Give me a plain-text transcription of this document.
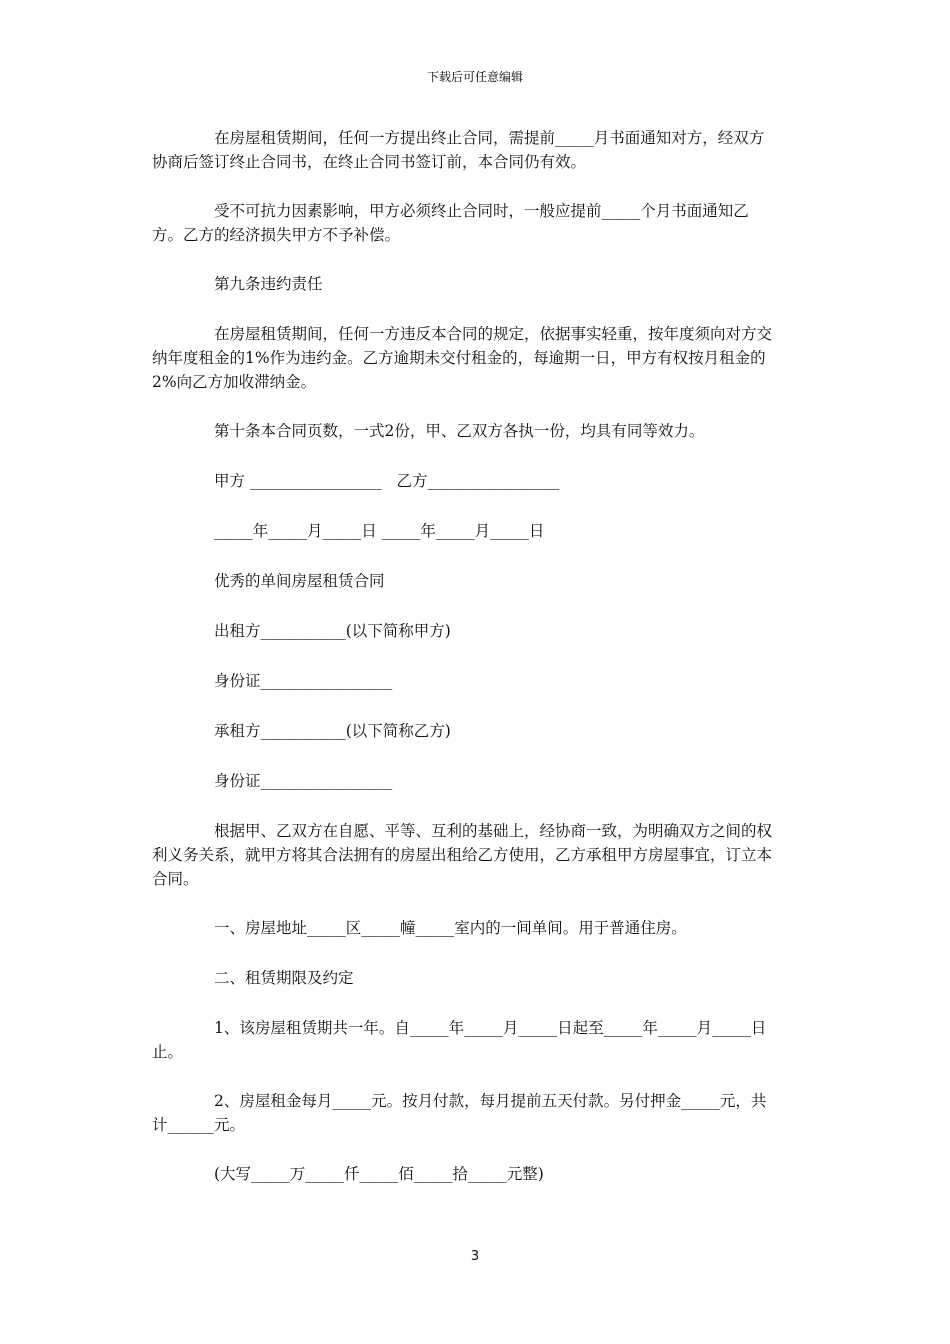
下载后可任意编辑

在房屋租赁期间，任何一方提出终止合同，需提前_____月书面通知对方，经双方协商后签订终止合同书，在终止合同书签订前，本合同仍有效。

受不可抗力因素影响，甲方必须终止合同时，一般应提前_____个月书面通知乙方。乙方的经济损失甲方不予补偿。

第九条违约责任

在房屋租赁期间，任何一方违反本合同的规定，依据事实轻重，按年度须向对方交纳年度租金的1%作为违约金。乙方逾期未交付租金的，每逾期一日，甲方有权按月租金的2%向乙方加收滞纳金。

第十条本合同页数，一式2份，甲、乙双方各执一份，均具有同等效力。

甲方 _________________   乙方_________________

_____年_____月_____日 _____年_____月_____日

优秀的单间房屋租赁合同

出租方___________(以下简称甲方)

身份证_________________

承租方___________(以下简称乙方)

身份证_________________

根据甲、乙双方在自愿、平等、互利的基础上，经协商一致，为明确双方之间的权利义务关系，就甲方将其合法拥有的房屋出租给乙方使用，乙方承租甲方房屋事宜，订立本合同。

一、房屋地址_____区_____幢_____室内的一间单间。用于普通住房。

二、租赁期限及约定

1、该房屋租赁期共一年。自_____年_____月_____日起至_____年_____月_____日止。

2、房屋租金每月_____元。按月付款，每月提前五天付款。另付押金_____元，共计______元。

(大写_____万_____仟_____佰_____拾_____元整)

3
